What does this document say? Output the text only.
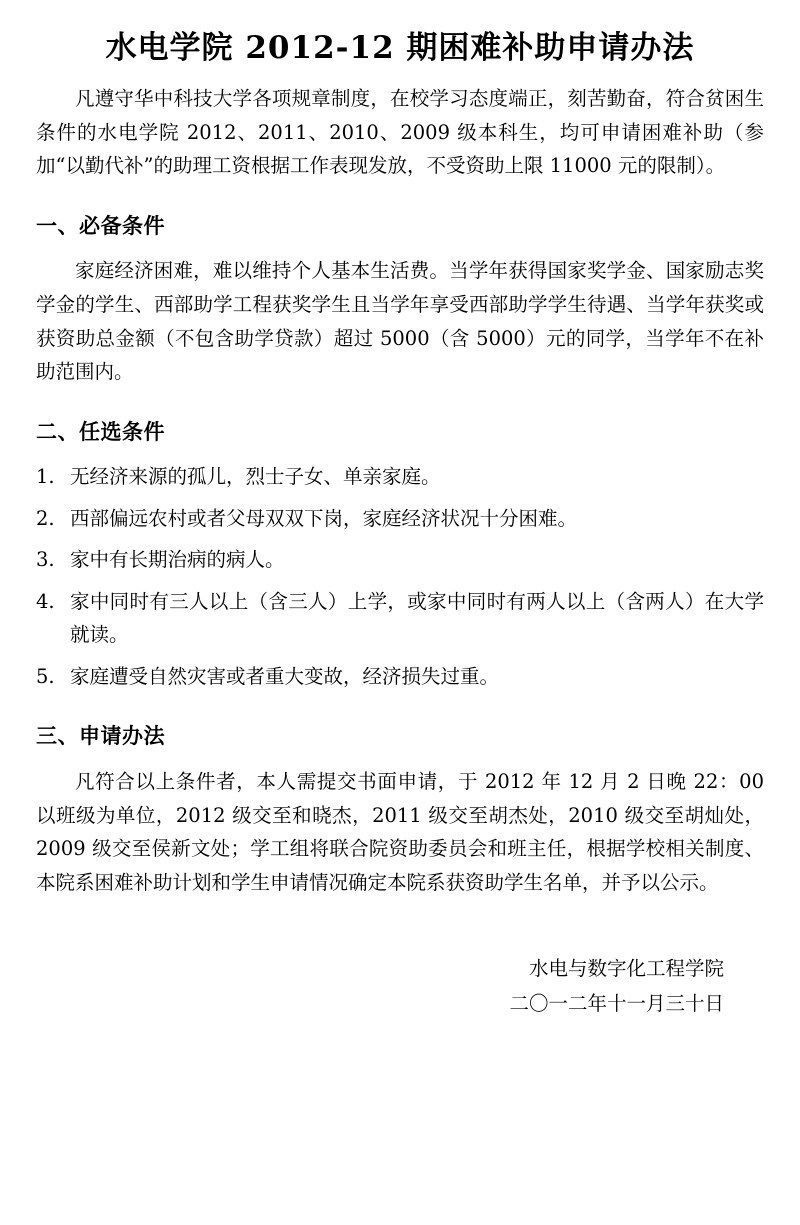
水电学院 2012-12 期困难补助申请办法

凡遵守华中科技大学各项规章制度，在校学习态度端正，刻苦勤奋，符合贫困生条件的水电学院 2012、2011、2010、2009 级本科生，均可申请困难补助（参加“以勤代补”的助理工资根据工作表现发放，不受资助上限 11000 元的限制）。

一、必备条件

家庭经济困难，难以维持个人基本生活费。当学年获得国家奖学金、国家励志奖学金的学生、西部助学工程获奖学生且当学年享受西部助学学生待遇、当学年获奖或获资助总金额（不包含助学贷款）超过 5000（含 5000）元的同学，当学年不在补助范围内。

二、任选条件
1. 无经济来源的孤儿，烈士子女、单亲家庭。
2. 西部偏远农村或者父母双双下岗，家庭经济状况十分困难。
3. 家中有长期治病的病人。
4. 家中同时有三人以上（含三人）上学，或家中同时有两人以上（含两人）在大学就读。
5. 家庭遭受自然灾害或者重大变故，经济损失过重。
三、申请办法

凡符合以上条件者，本人需提交书面申请，于 2012 年 12 月 2 日晚 22：00 以班级为单位，2012 级交至和晓杰，2011 级交至胡杰处，2010 级交至胡灿处，2009 级交至侯新文处；学工组将联合院资助委员会和班主任，根据学校相关制度、本院系困难补助计划和学生申请情况确定本院系获资助学生名单，并予以公示。

水电与数字化工程学院
二〇一二年十一月三十日
